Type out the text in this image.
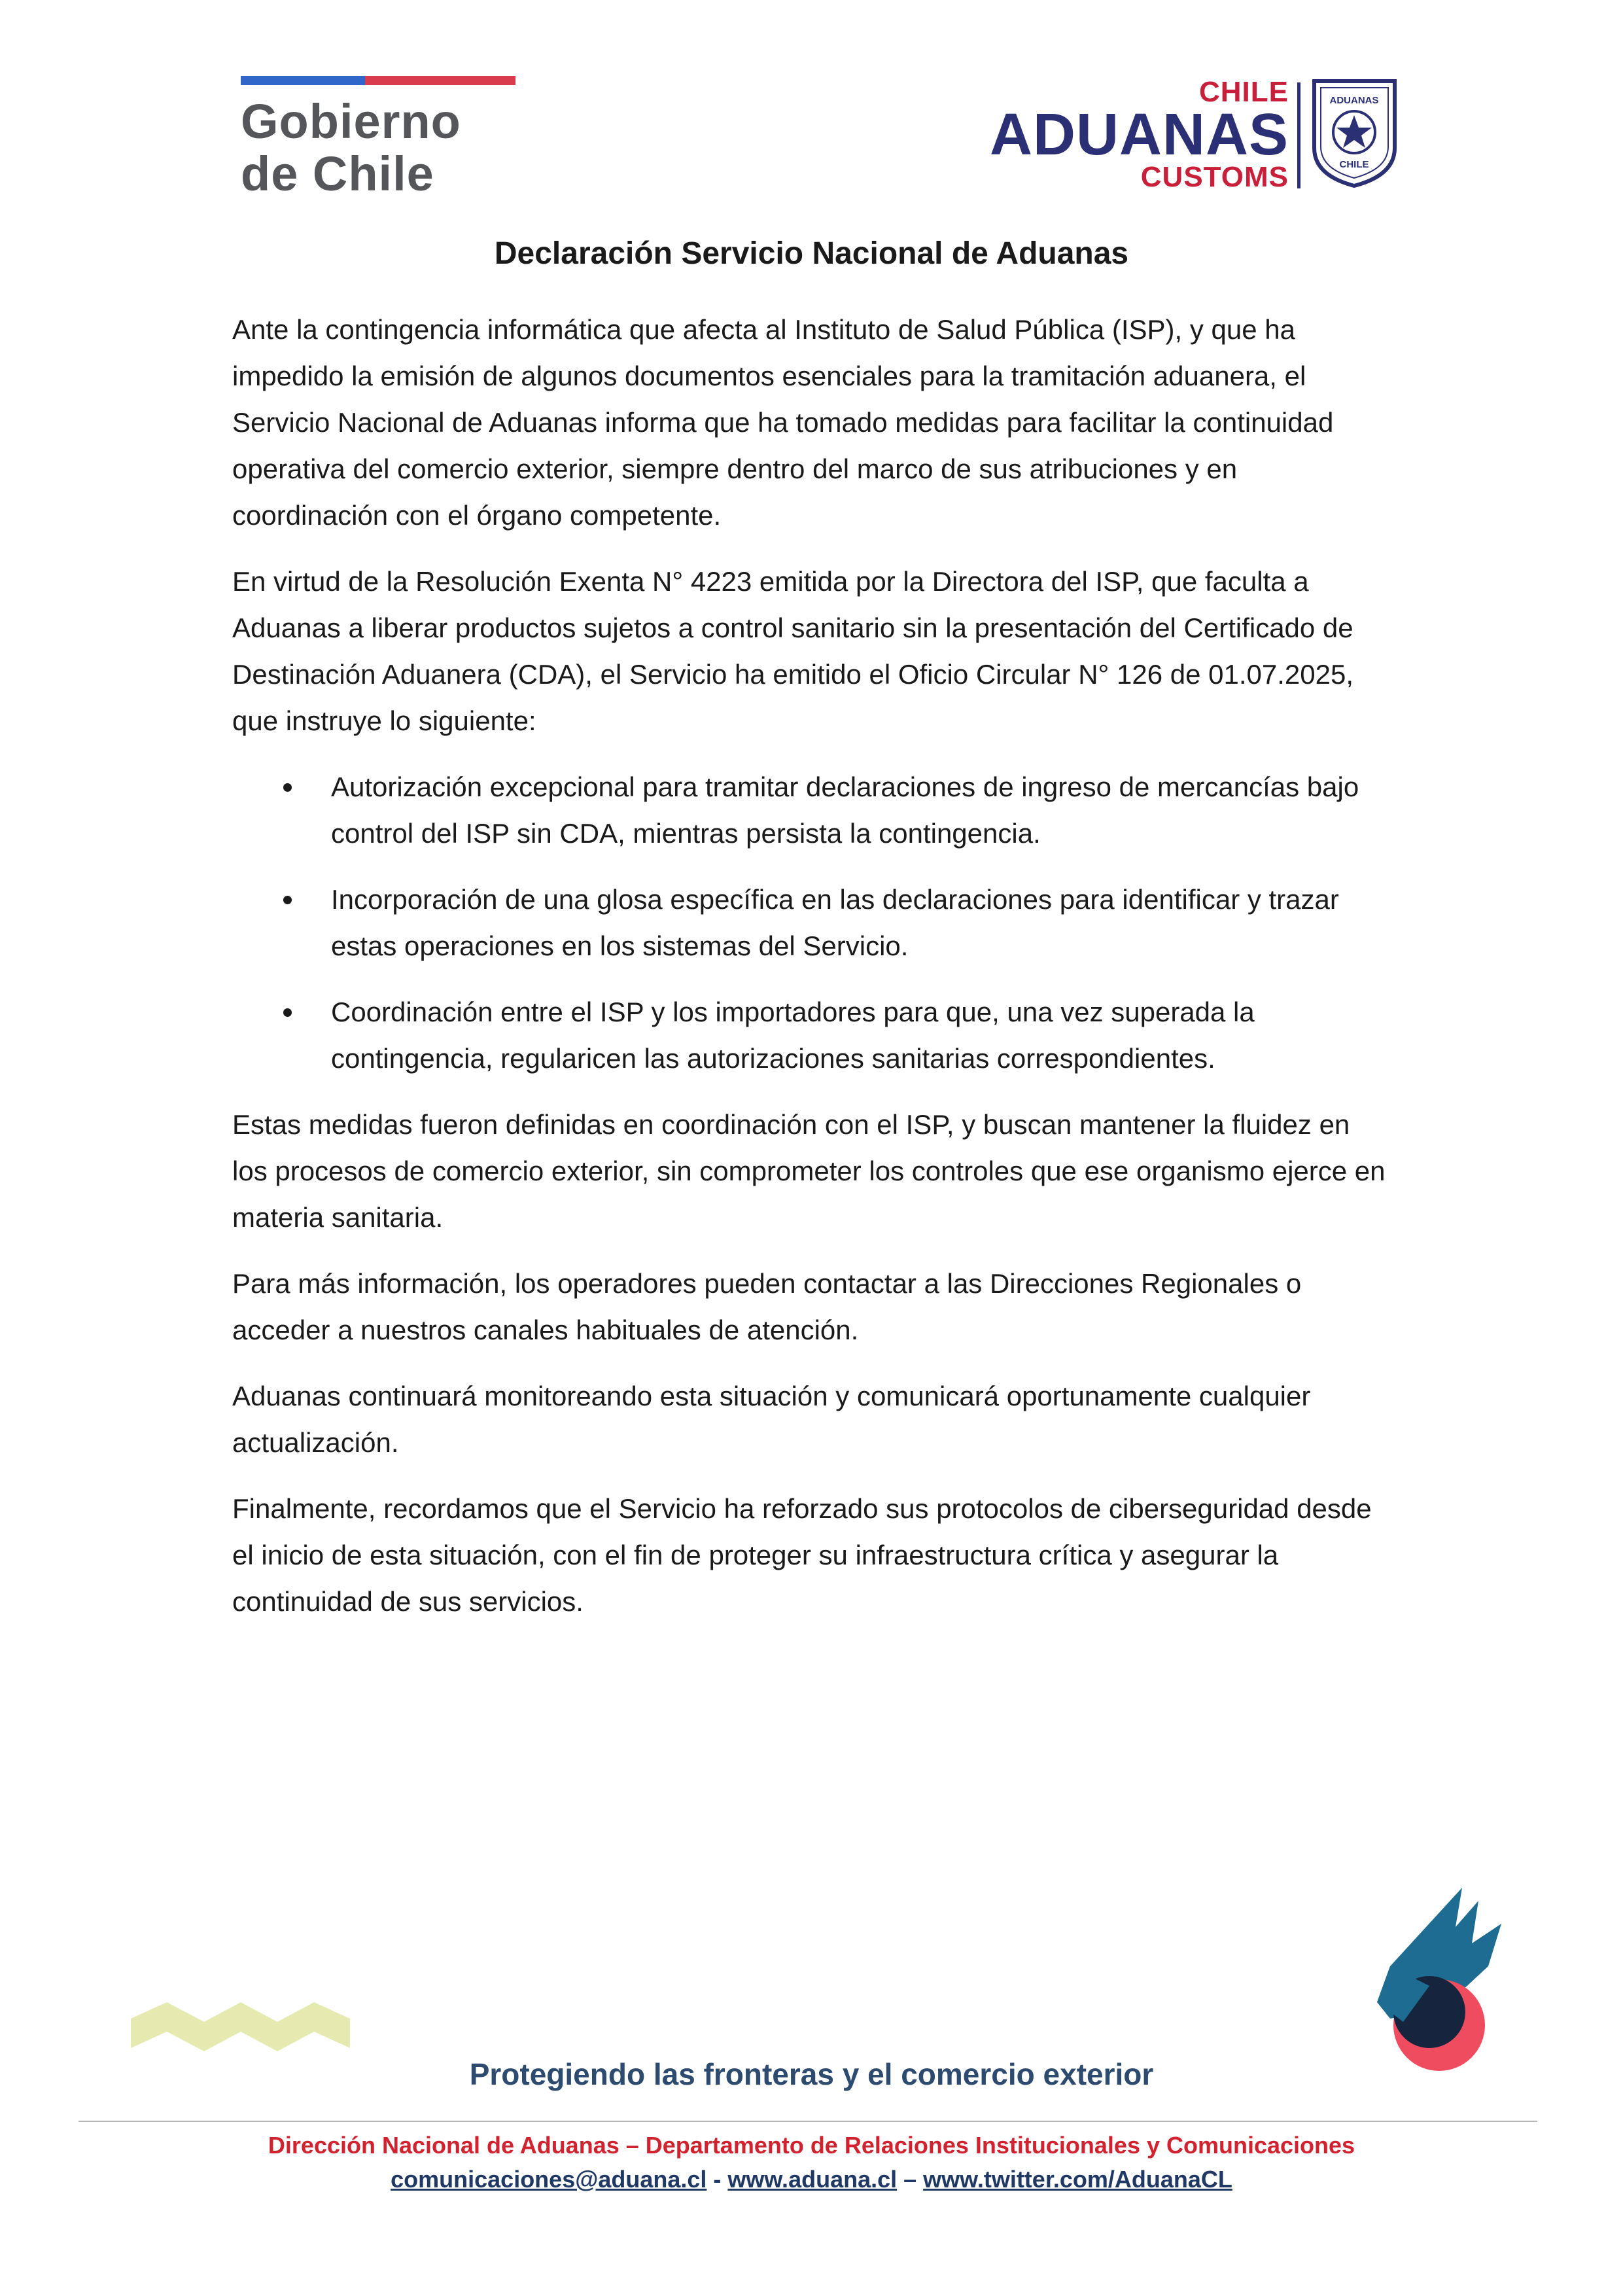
Gobierno
de Chile
CHILE
ADUANAS
CUSTOMS
ADUANAS
CHILE
Declaración Servicio Nacional de Aduanas

Ante la contingencia informática que afecta al Instituto de Salud Pública (ISP), y que ha impedido la emisión de algunos documentos esenciales para la tramitación aduanera, el Servicio Nacional de Aduanas informa que ha tomado medidas para facilitar la continuidad operativa del comercio exterior, siempre dentro del marco de sus atribuciones y en coordinación con el órgano competente.

En virtud de la Resolución Exenta N° 4223 emitida por la Directora del ISP, que faculta a Aduanas a liberar productos sujetos a control sanitario sin la presentación del Certificado de Destinación Aduanera (CDA), el Servicio ha emitido el Oficio Circular N° 126 de 01.07.2025, que instruye lo siguiente:

Autorización excepcional para tramitar declaraciones de ingreso de mercancías bajo control del ISP sin CDA, mientras persista la contingencia.
Incorporación de una glosa específica en las declaraciones para identificar y trazar estas operaciones en los sistemas del Servicio.
Coordinación entre el ISP y los importadores para que, una vez superada la contingencia, regularicen las autorizaciones sanitarias correspondientes.

Estas medidas fueron definidas en coordinación con el ISP, y buscan mantener la fluidez en los procesos de comercio exterior, sin comprometer los controles que ese organismo ejerce en materia sanitaria.

Para más información, los operadores pueden contactar a las Direcciones Regionales o acceder a nuestros canales habituales de atención.

Aduanas continuará monitoreando esta situación y comunicará oportunamente cualquier actualización.

Finalmente, recordamos que el Servicio ha reforzado sus protocolos de ciberseguridad desde el inicio de esta situación, con el fin de proteger su infraestructura crítica y asegurar la continuidad de sus servicios.

Protegiendo las fronteras y el comercio exterior
Dirección Nacional de Aduanas – Departamento de Relaciones Institucionales y Comunicaciones
comunicaciones@aduana.cl - www.aduana.cl – www.twitter.com/AduanaCL
